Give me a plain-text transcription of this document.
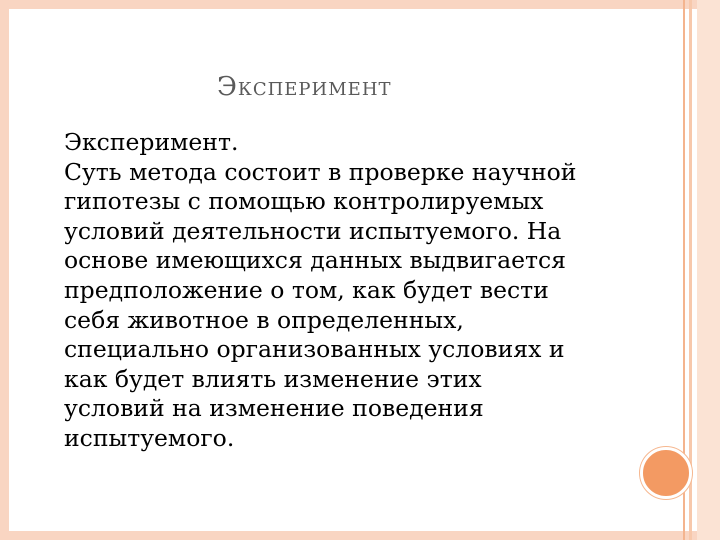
Эксперимент

Эксперимент.

Суть метода состоит в проверке научной
гипотезы с помощью контролируемых
условий деятельности испытуемого. На
основе имеющихся данных выдвигается
предположение о том, как будет вести
себя животное в определенных,
специально организованных условиях и
как будет влиять изменение этих
условий на изменение поведения
испытуемого.
